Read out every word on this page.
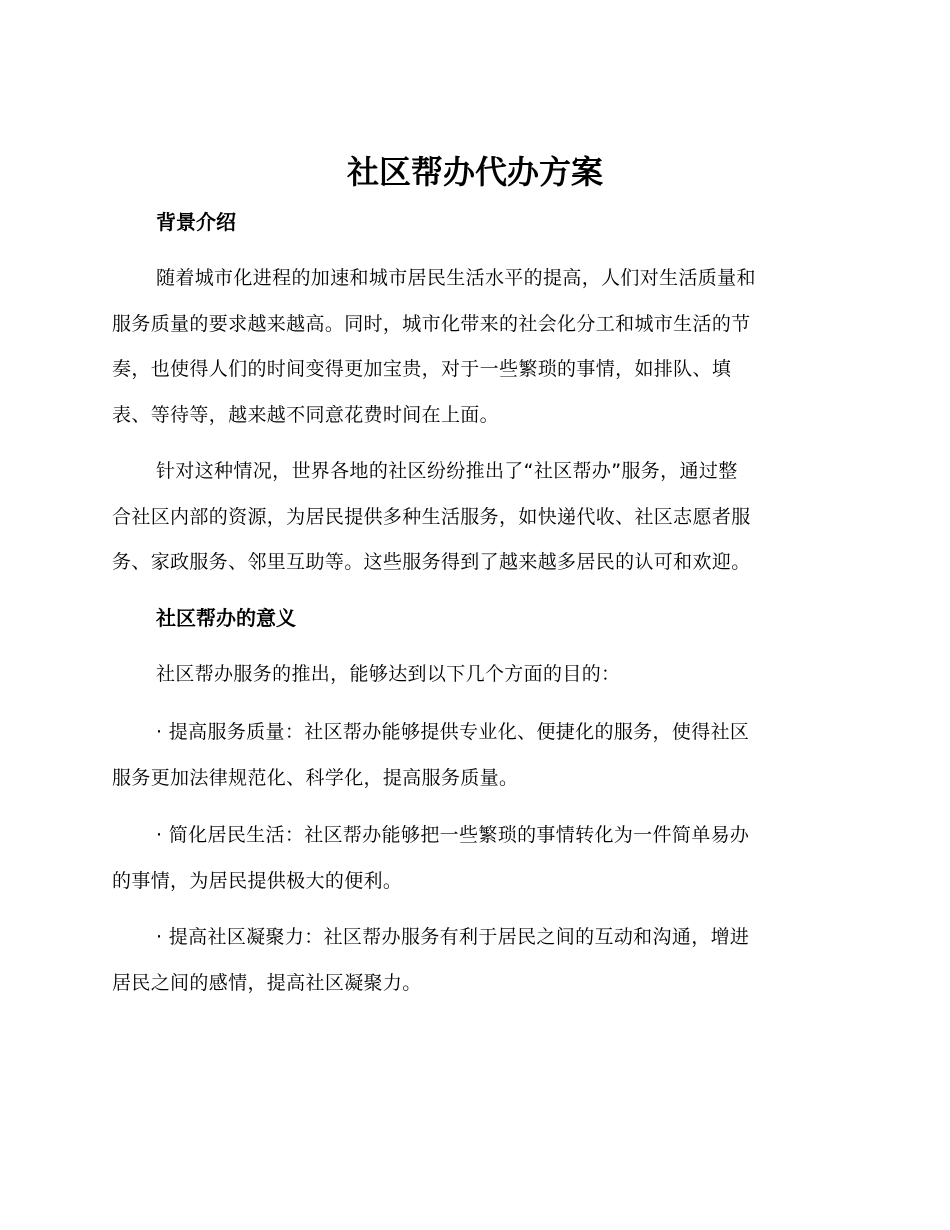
社区帮办代办方案
背景介绍

随着城市化进程的加速和城市居民生活水平的提高，人们对生活质量和
服务质量的要求越来越高。同时，城市化带来的社会化分工和城市生活的节
奏，也使得人们的时间变得更加宝贵，对于一些繁琐的事情，如排队、填
表、等待等，越来越不同意花费时间在上面。

针对这种情况，世界各地的社区纷纷推出了“社区帮办”服务，通过整
合社区内部的资源，为居民提供多种生活服务，如快递代收、社区志愿者服
务、家政服务、邻里互助等。这些服务得到了越来越多居民的认可和欢迎。

社区帮办的意义

社区帮办服务的推出，能够达到以下几个方面的目的：

· 提高服务质量：社区帮办能够提供专业化、便捷化的服务，使得社区
服务更加法律规范化、科学化，提高服务质量。

· 简化居民生活：社区帮办能够把一些繁琐的事情转化为一件简单易办
的事情，为居民提供极大的便利。

· 提高社区凝聚力：社区帮办服务有利于居民之间的互动和沟通，增进
居民之间的感情，提高社区凝聚力。
